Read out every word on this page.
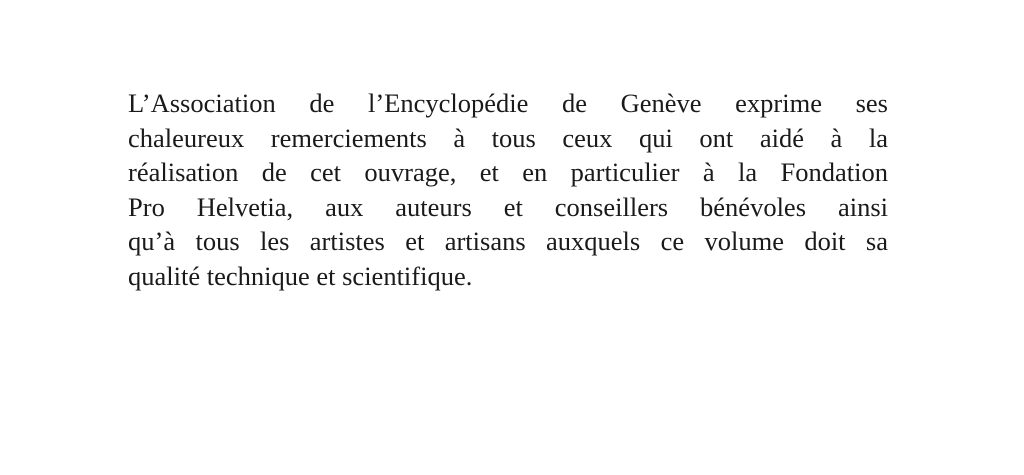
L’Association de l’Encyclopédie de Genève exprime ses
chaleureux remerciements à tous ceux qui ont aidé à la
réalisation de cet ouvrage, et en particulier à la Fondation
Pro Helvetia, aux auteurs et conseillers bénévoles ainsi
qu’à tous les artistes et artisans auxquels ce volume doit sa
qualité technique et scientifique.
